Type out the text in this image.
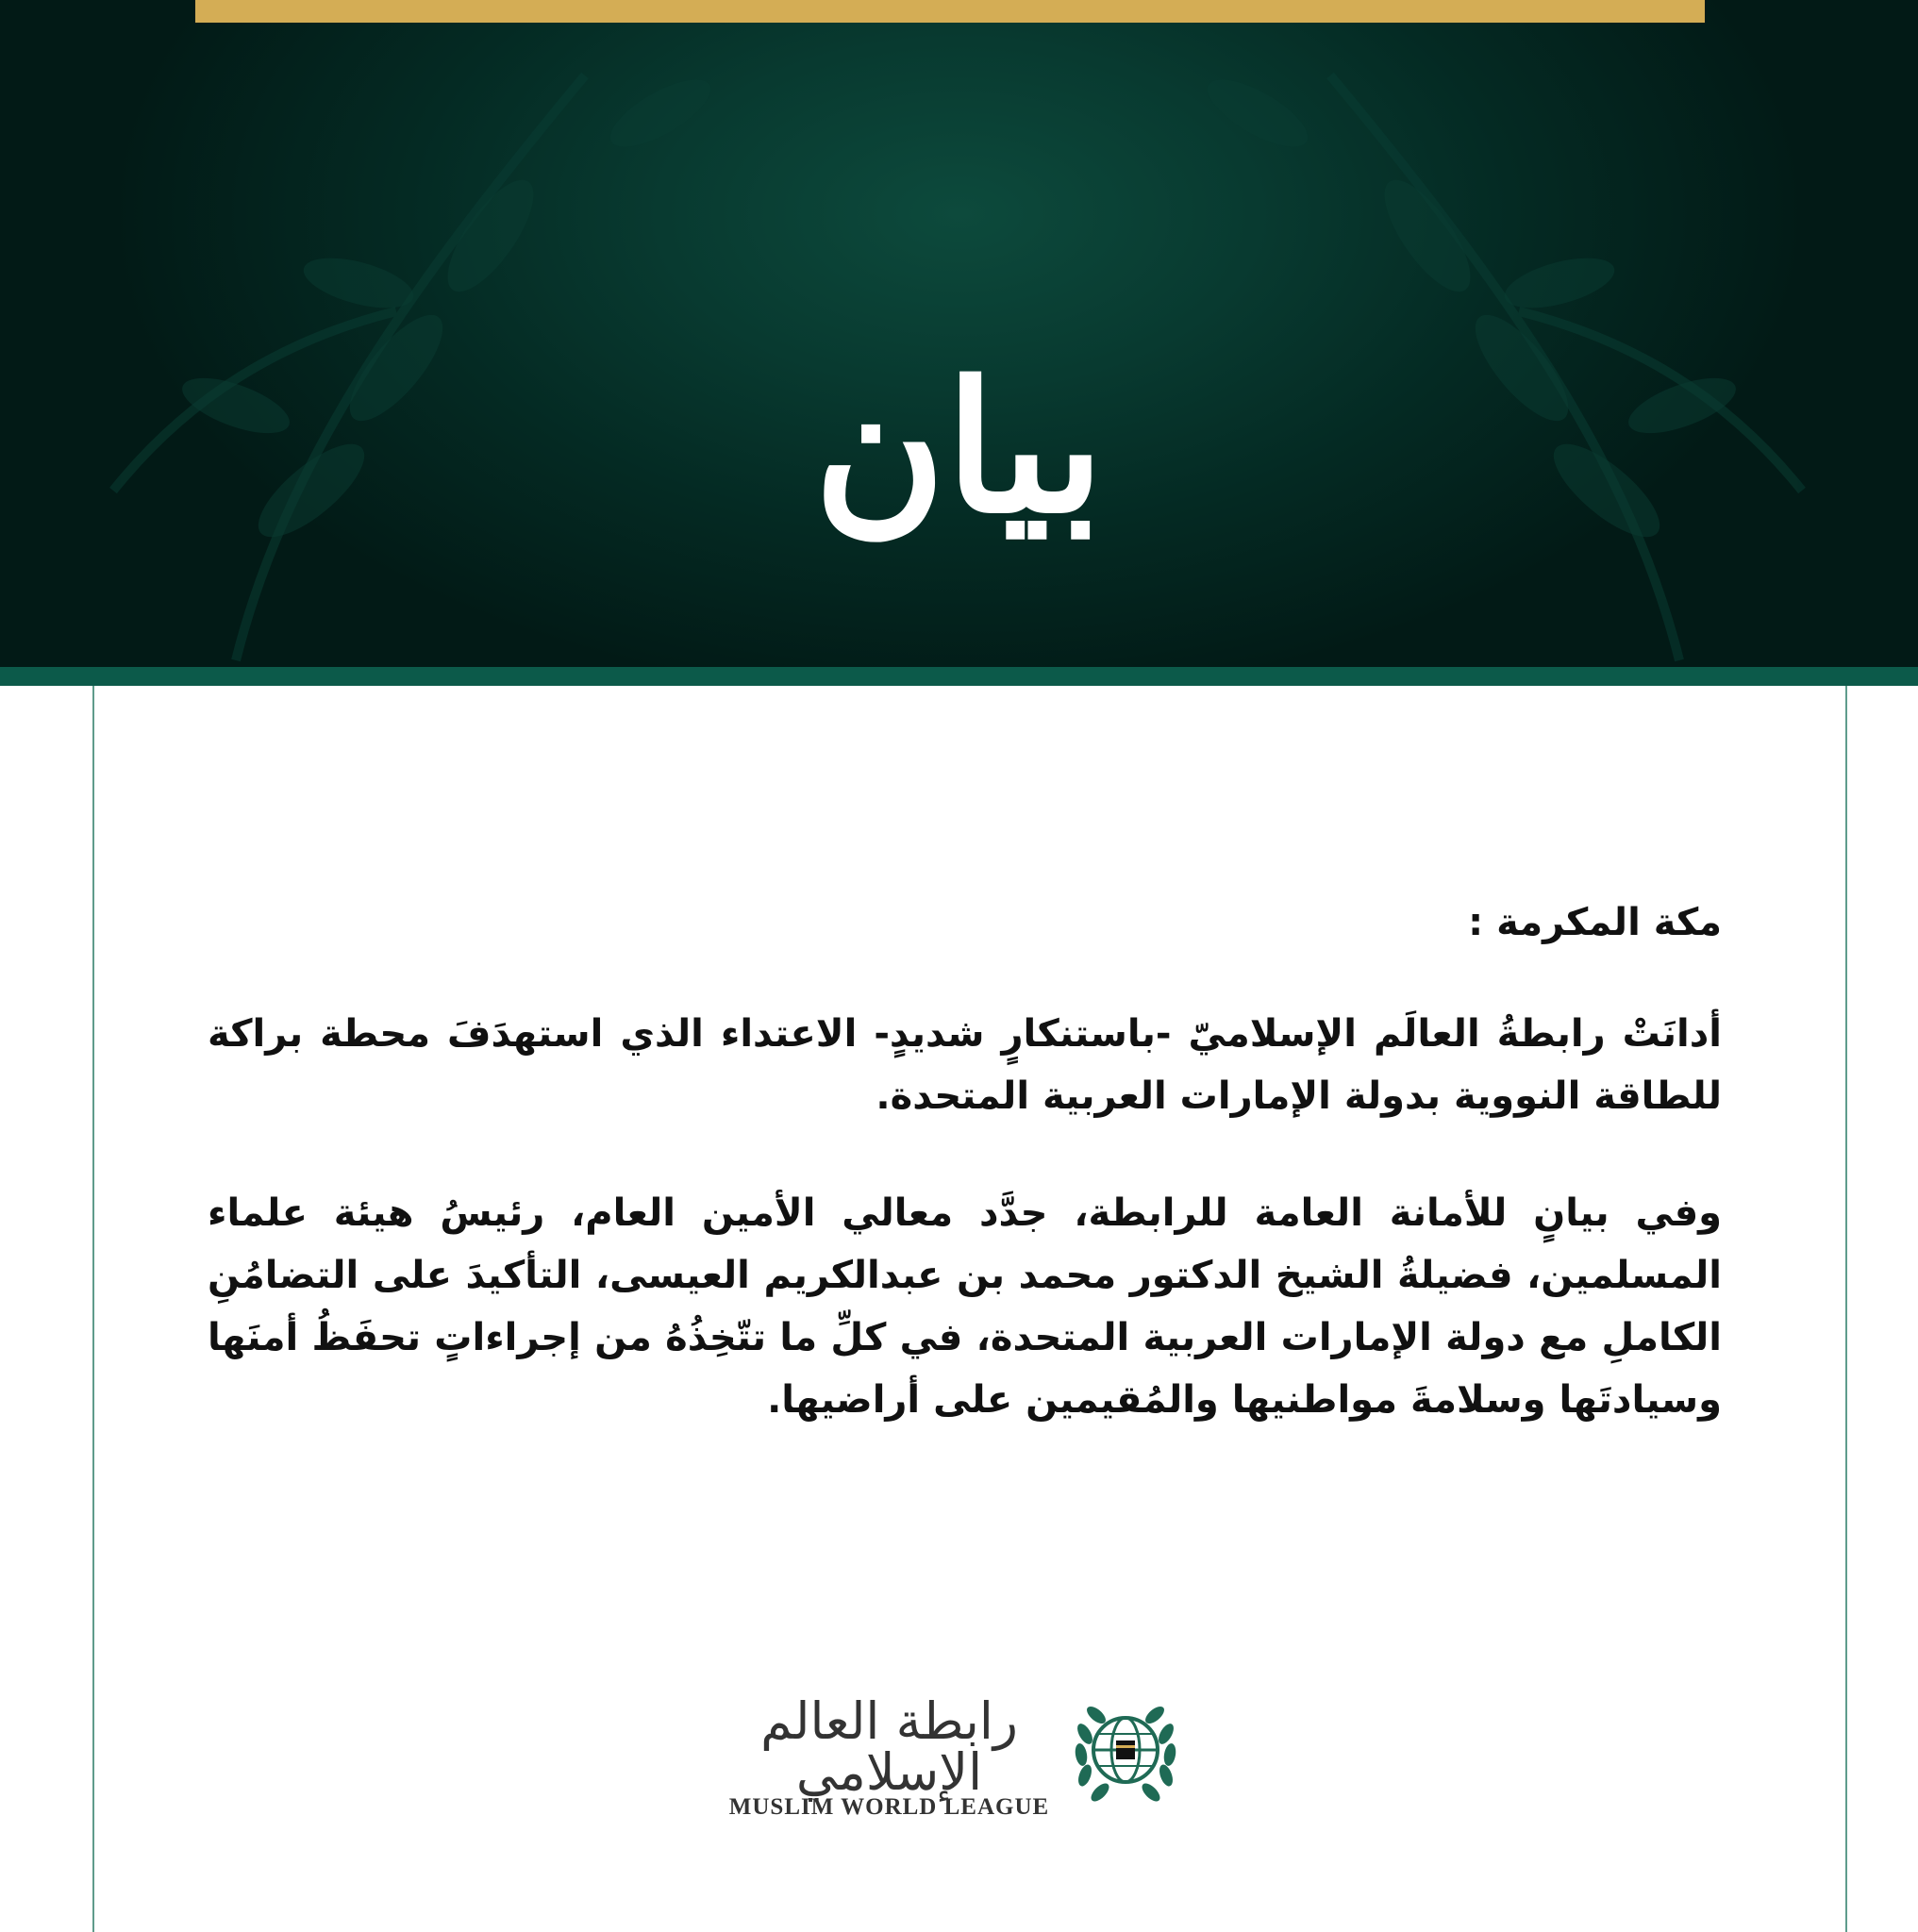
بيان

مكة المكرمة :

أدانَتْ رابطةُ العالَم الإسلاميّ -باستنكارٍ شديدٍ- الاعتداء الذي استهدَفَ محطة براكة للطاقة النووية بدولة الإمارات العربية المتحدة.

وفي بيانٍ للأمانة العامة للرابطة، جدَّد معالي الأمين العام، رئيسُ هيئة علماء المسلمين، فضيلةُ الشيخ الدكتور محمد بن عبدالكريم العيسى، التأكيدَ على التضامُنِ الكاملِ مع دولة الإمارات العربية المتحدة، في كلِّ ما تتّخِذُهُ من إجراءاتٍ تحفَظُ أمنَها وسيادتَها وسلامةَ مواطنيها والمُقيمين على أراضيها.

رابطة العالم الإسلامي
MUSLIM WORLD LEAGUE
